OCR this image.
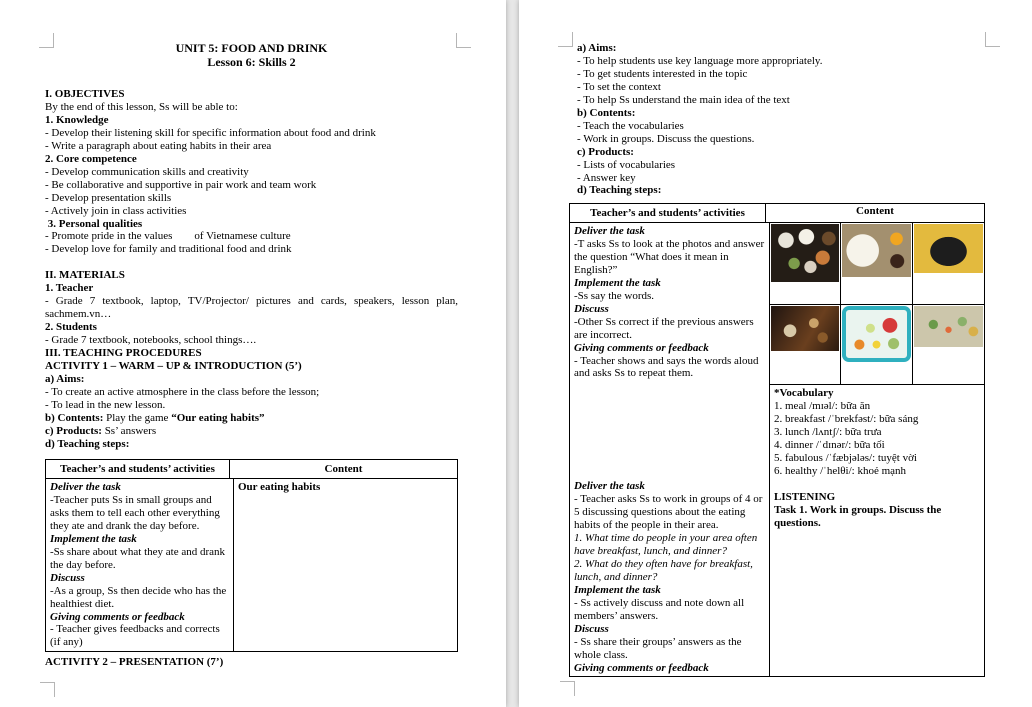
UNIT 5: FOOD AND DRINK
Lesson 6: Skills 2
I. OBJECTIVES
By the end of this lesson, Ss will be able to:
1. Knowledge
- Develop their listening skill for specific information about food and drink
- Write a paragraph about eating habits in their area
2. Core competence
- Develop communication skills and creativity
- Be collaborative and supportive in pair work and team work
- Develop presentation skills
- Actively join in class activities
3. Personal qualities
- Promote pride in the values        of Vietnamese culture
- Develop love for family and traditional food and drink
II. MATERIALS
1. Teacher
- Grade 7 textbook, laptop, TV/Projector/ pictures and cards, speakers, lesson plan, sachmem.vn…
2. Students
- Grade 7 textbook, notebooks, school things….
III. TEACHING PROCEDURES
ACTIVITY 1 – WARM – UP & INTRODUCTION (5’)
a) Aims:
- To create an active atmosphere in the class before the lesson;
- To lead in the new lesson.
b) Contents: Play the game “Our eating habits”
c) Products: Ss’ answers
d) Teaching steps:
Teacher’s and students’ activities	Content
Deliver the task
-Teacher puts Ss in small groups and asks them to tell each other everything they ate and drank the day before.
Implement the task
-Ss share about what they ate and drank the day before.
Discuss
-As a group, Ss then decide who has the healthiest diet.
Giving comments or feedback
- Teacher gives feedbacks and corrects (if any)
Our eating habits
ACTIVITY 2 – PRESENTATION (7’)
a) Aims:
- To help students use key language more appropriately.
- To get students interested in the topic
- To set the context
- To help Ss understand the main idea of the text
b) Contents:
- Teach the vocabularies
- Work in groups. Discuss the questions.
c) Products:
- Lists of vocabularies
- Answer key
d) Teaching steps:
Teacher’s and students’ activities	Content
Deliver the task
-T asks Ss to look at the photos and answer the question “What does it mean in English?”
Implement the task
-Ss say the words.
Discuss
-Other Ss correct if the previous answers are incorrect.
Giving comments or feedback
- Teacher shows and says the words aloud and asks Ss to repeat them.
Deliver the task
- Teacher asks Ss to work in groups of 4 or 5 discussing questions about the eating habits of the people in their area.
1. What time do people in your area often have breakfast, lunch, and dinner?
2. What do they often have for breakfast, lunch, and dinner?
Implement the task
- Ss actively discuss and note down all members’ answers.
Discuss
- Ss share their groups’ answers as the whole class.
Giving comments or feedback
*Vocabulary
1. meal /mɪəl/: bữa ăn
2. breakfast /ˈbrekfəst/: bữa sáng
3. lunch /lʌntʃ/: bữa trưa
4. dinner /ˈdɪnər/: bữa tối
5. fabulous /ˈfæbjələs/: tuyệt vời
6. healthy /ˈhelθi/: khoẻ mạnh
LISTENING
Task 1. Work in groups. Discuss the questions.
